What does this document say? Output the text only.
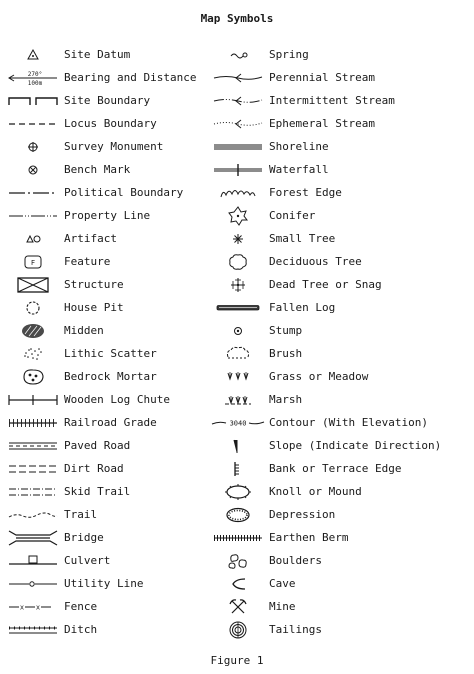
Map Symbols
Site Datum
270°
100m Bearing and Distance
Site Boundary
Locus Boundary
Survey Monument
Bench Mark
Political Boundary
Property Line
Artifact
F	Feature
Structure
House Pit
Midden
Lithic Scatter
Bedrock Mortar
Wooden Log Chute
Railroad Grade
Paved Road
Dirt Road
Skid Trail
Trail
Bridge
Culvert
Utility Line
x x Fence
Ditch
Spring
Perennial Stream
Intermittent Stream
Ephemeral Stream
Shoreline
Waterfall
Forest Edge
Conifer
Small Tree
Deciduous Tree
Dead Tree or Snag
Fallen Log
Stump
Brush
Grass or Meadow
Marsh
3040 Contour (With Elevation)
Slope (Indicate Direction)
Bank or Terrace Edge
Knoll or Mound
Depression
Earthen Berm
Boulders
Cave
Mine
Tailings
Figure 1
